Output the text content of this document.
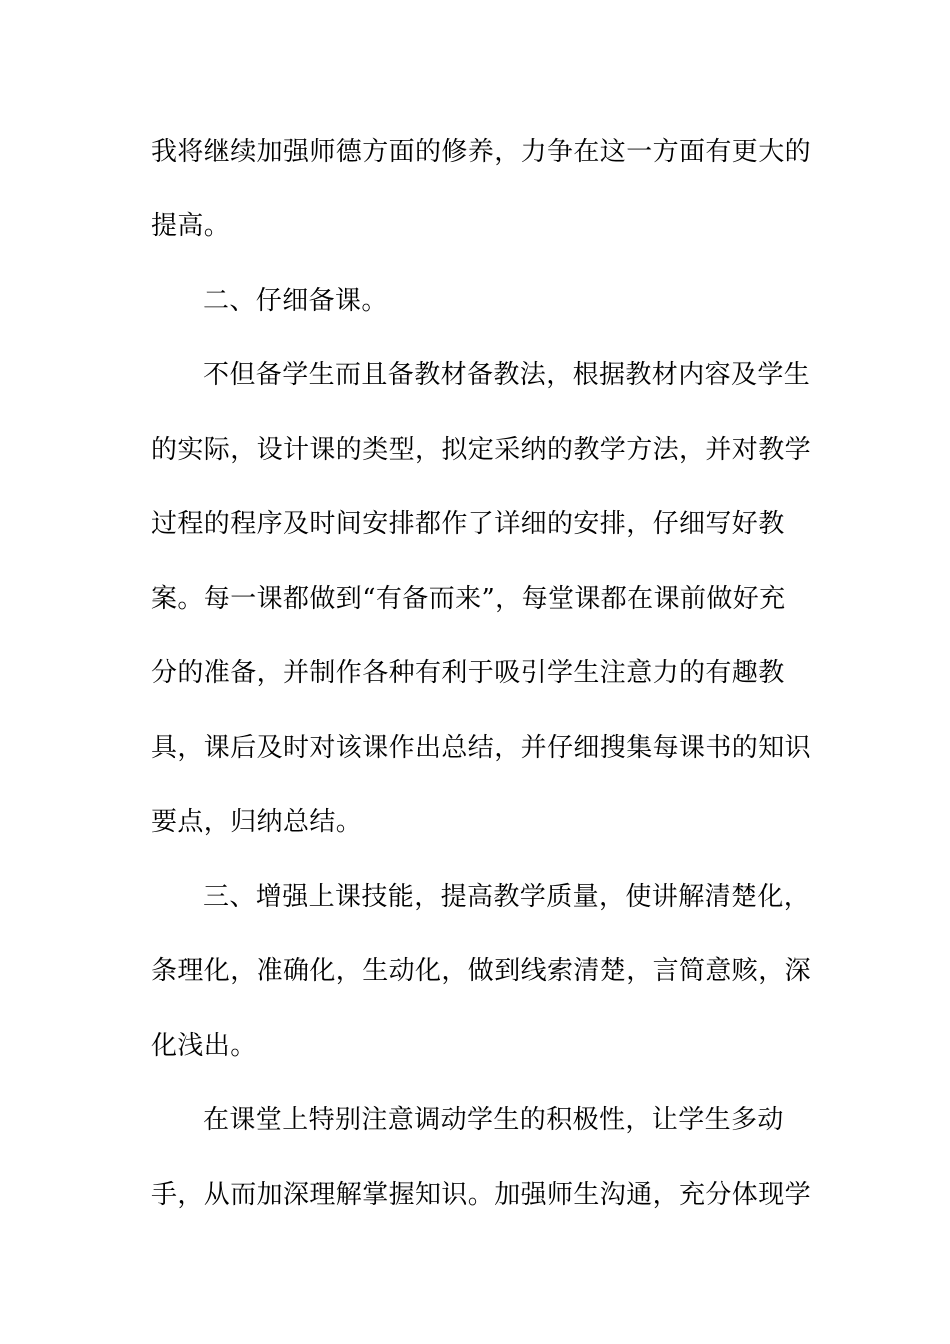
我将继续加强师德方面的修养，力争在这一方面有更大的
提高。
二、仔细备课。
不但备学生而且备教材备教法，根据教材内容及学生
的实际，设计课的类型，拟定采纳的教学方法，并对教学
过程的程序及时间安排都作了详细的安排，仔细写好教
案。每一课都做到“有备而来”，每堂课都在课前做好充
分的准备，并制作各种有利于吸引学生注意力的有趣教
具，课后及时对该课作出总结，并仔细搜集每课书的知识
要点，归纳总结。
三、增强上课技能，提高教学质量，使讲解清楚化，
条理化，准确化，生动化，做到线索清楚，言简意赅，深
化浅出。
在课堂上特别注意调动学生的积极性，让学生多动
手，从而加深理解掌握知识。加强师生沟通，充分体现学
